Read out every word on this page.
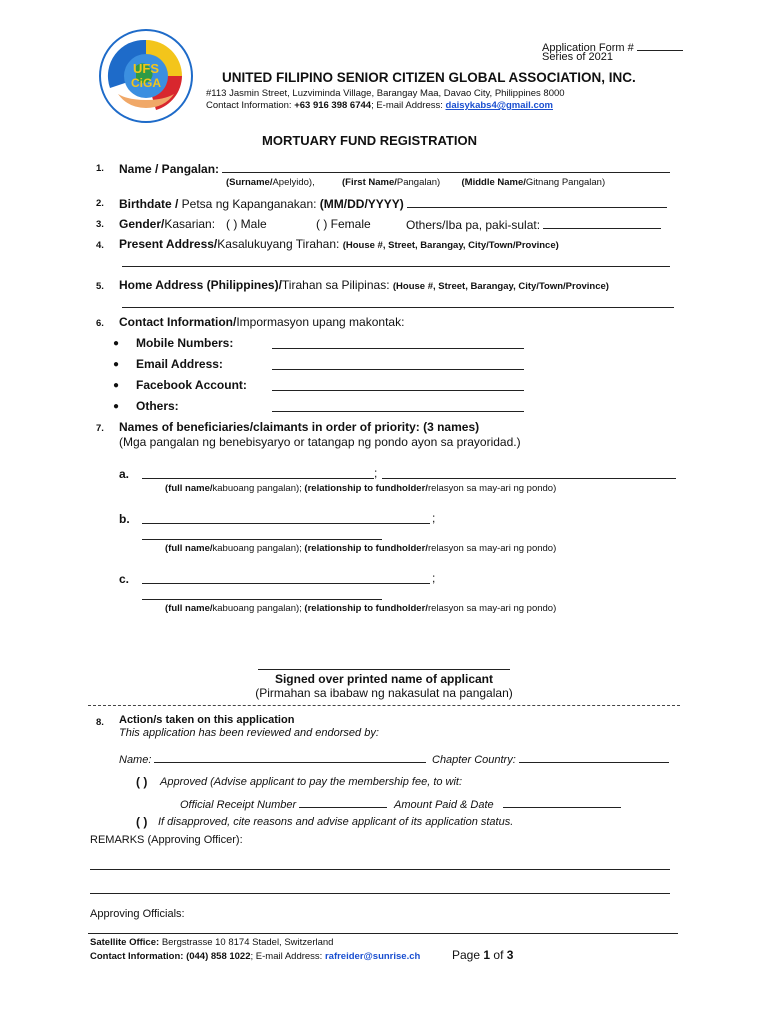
Application Form #
Series of 2021
UFS
CiGA	UNITED FILIPINO SENIOR CITIZEN GLOBAL ASSOCIATION, INC.
#113 Jasmin Street, Luzviminda Village, Barangay Maa, Davao City, Philippines 8000
Contact Information: +63 916 398 6744; E-mail Address: daisykabs4@gmail.com
MORTUARY FUND REGISTRATION
1. Name / Pangalan:
(Surname/Apelyido),	(First Name/Pangalan) (Middle Name/Gitnang Pangalan)
2. Birthdate / Petsa ng Kapanganakan: (MM/DD/YYYY)
3. Gender/Kasarian: ( ) Male	( ) Female	Others/Iba pa, paki-sulat:
4. Present Address/Kasalukuyang Tirahan: (House #, Street, Barangay, City/Town/Province)
5. Home Address (Philippines)/Tirahan sa Pilipinas: (House #, Street, Barangay, City/Town/Province)
6. Contact Information/Impormasyon upang makontak:
● Mobile Numbers:
● Email Address:
● Facebook Account:
● Others:
7. Names of beneficiaries/claimants in order of priority: (3 names)
(Mga pangalan ng benebisyaryo or tatangap ng pondo ayon sa prayoridad.)
a.	;
(full name/kabuoang pangalan); (relationship to fundholder/relasyon sa may-ari ng pondo)
b.	;
(full name/kabuoang pangalan); (relationship to fundholder/relasyon sa may-ari ng pondo)
c.	;
(full name/kabuoang pangalan); (relationship to fundholder/relasyon sa may-ari ng pondo)
Signed over printed name of applicant
(Pirmahan sa ibabaw ng nakasulat na pangalan)
8. Action/s taken on this application
This application has been reviewed and endorsed by:
Name:	Chapter Country:
( ) Approved (Advise applicant to pay the membership fee, to wit:
Official Receipt Number	Amount Paid & Date
( ) If disapproved, cite reasons and advise applicant of its application status.
REMARKS (Approving Officer):
Approving Officials:
Satellite Office: Bergstrasse 10 8174 Stadel, Switzerland
Contact Information: (044) 858 1022; E-mail Address: rafreider@sunrise.ch	Page 1 of 3
